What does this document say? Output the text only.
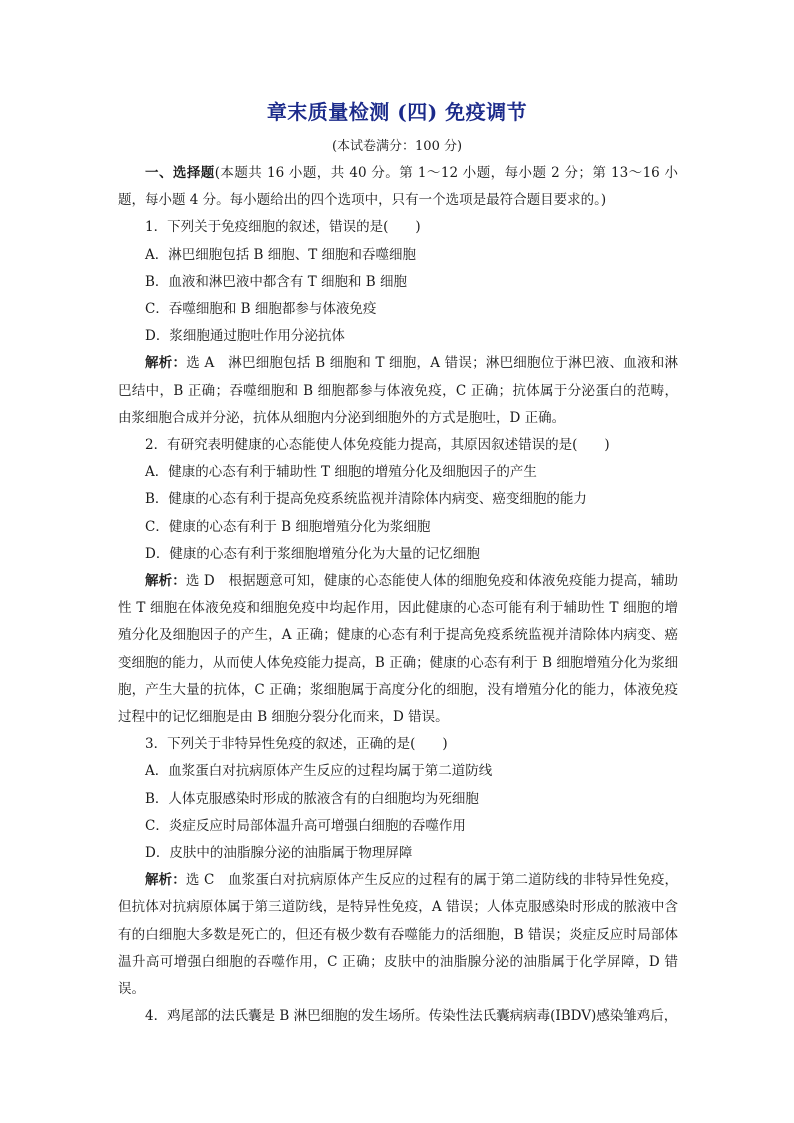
章末质量检测 (四) 免疫调节
(本试卷满分：100 分)

一、选择题(本题共 16 小题，共 40 分。第 1～12 小题，每小题 2 分；第 13～16 小题，每小题 4 分。每小题给出的四个选项中，只有一个选项是最符合题目要求的。)

1．下列关于免疫细胞的叙述，错误的是(　　)

A．淋巴细胞包括 B 细胞、T 细胞和吞噬细胞

B．血液和淋巴液中都含有 T 细胞和 B 细胞

C．吞噬细胞和 B 细胞都参与体液免疫

D．浆细胞通过胞吐作用分泌抗体

解析：选 A　淋巴细胞包括 B 细胞和 T 细胞，A 错误；淋巴细胞位于淋巴液、血液和淋巴结中，B 正确；吞噬细胞和 B 细胞都参与体液免疫，C 正确；抗体属于分泌蛋白的范畴，由浆细胞合成并分泌，抗体从细胞内分泌到细胞外的方式是胞吐，D 正确。

2．有研究表明健康的心态能使人体免疫能力提高，其原因叙述错误的是(　　)

A．健康的心态有利于辅助性 T 细胞的增殖分化及细胞因子的产生

B．健康的心态有利于提高免疫系统监视并清除体内病变、癌变细胞的能力

C．健康的心态有利于 B 细胞增殖分化为浆细胞

D．健康的心态有利于浆细胞增殖分化为大量的记忆细胞

解析：选 D　根据题意可知，健康的心态能使人体的细胞免疫和体液免疫能力提高，辅助性 T 细胞在体液免疫和细胞免疫中均起作用，因此健康的心态可能有利于辅助性 T 细胞的增殖分化及细胞因子的产生，A 正确；健康的心态有利于提高免疫系统监视并清除体内病变、癌变细胞的能力，从而使人体免疫能力提高，B 正确；健康的心态有利于 B 细胞增殖分化为浆细胞，产生大量的抗体，C 正确；浆细胞属于高度分化的细胞，没有增殖分化的能力，体液免疫过程中的记忆细胞是由 B 细胞分裂分化而来，D 错误。

3．下列关于非特异性免疫的叙述，正确的是(　　)

A．血浆蛋白对抗病原体产生反应的过程均属于第二道防线

B．人体克服感染时形成的脓液含有的白细胞均为死细胞

C．炎症反应时局部体温升高可增强白细胞的吞噬作用

D．皮肤中的油脂腺分泌的油脂属于物理屏障

解析：选 C　血浆蛋白对抗病原体产生反应的过程有的属于第二道防线的非特异性免疫，但抗体对抗病原体属于第三道防线，是特异性免疫，A 错误；人体克服感染时形成的脓液中含有的白细胞大多数是死亡的，但还有极少数有吞噬能力的活细胞，B 错误；炎症反应时局部体温升高可增强白细胞的吞噬作用，C 正确；皮肤中的油脂腺分泌的油脂属于化学屏障，D 错误。

4．鸡尾部的法氏囊是 B 淋巴细胞的发生场所。传染性法氏囊病病毒(IBDV)感染雏鸡后，
